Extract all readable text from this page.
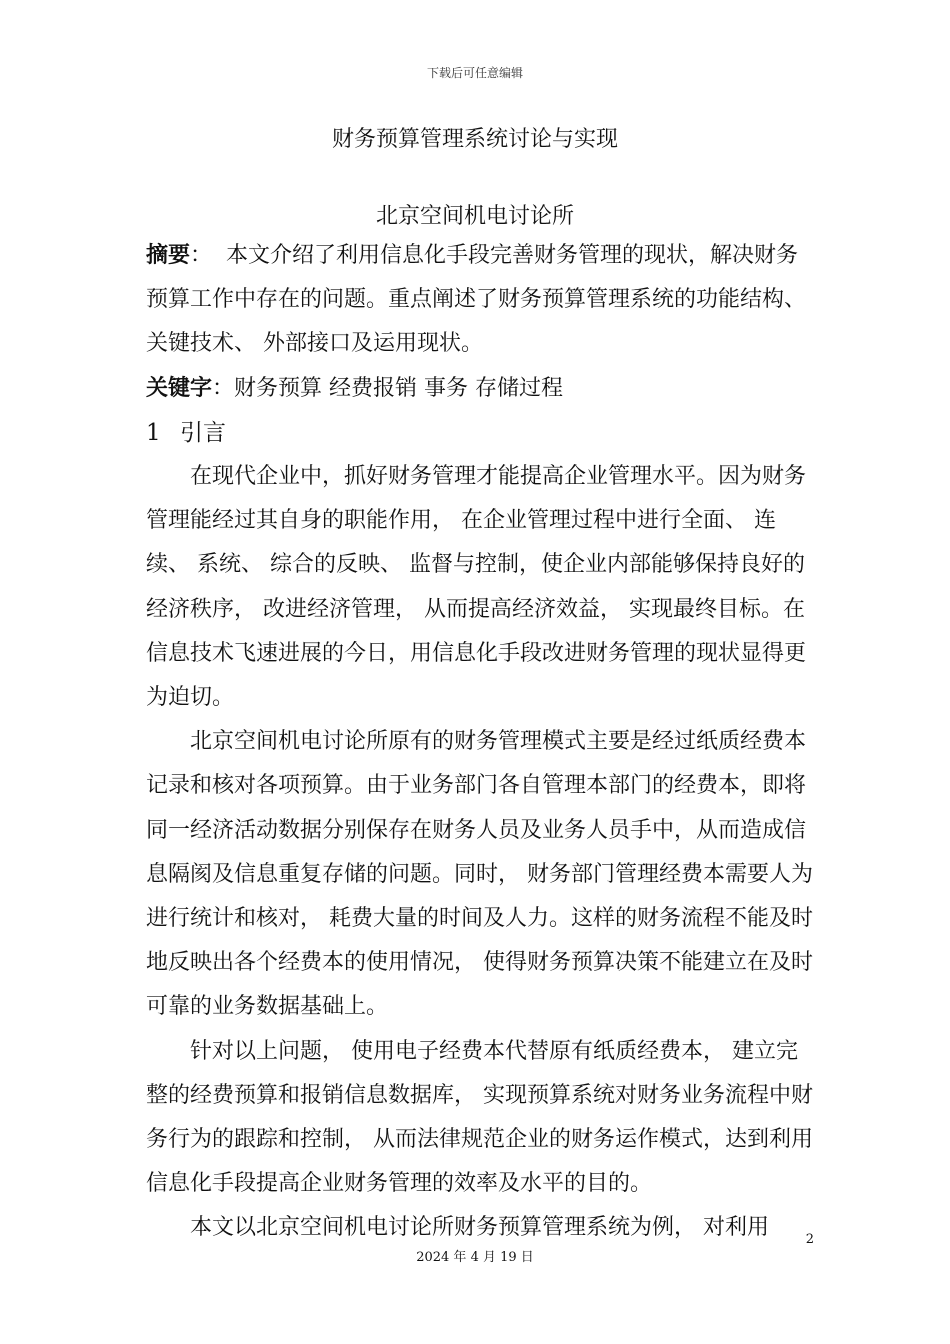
下载后可任意编辑
财务预算管理系统讨论与实现
北京空间机电讨论所

摘要： 本文介绍了利用信息化手段完善财务管理的现状，解决财务预算工作中存在的问题。重点阐述了财务预算管理系统的功能结构、 关键技术、 外部接口及运用现状。

关键字：财务预算 经费报销 事务 存储过程

1 引言

在现代企业中，抓好财务管理才能提高企业管理水平。因为财务管理能经过其自身的职能作用， 在企业管理过程中进行全面、 连续、 系统、 综合的反映、 监督与控制，使企业内部能够保持良好的经济秩序， 改进经济管理， 从而提高经济效益， 实现最终目标。在信息技术飞速进展的今日，用信息化手段改进财务管理的现状显得更为迫切。

北京空间机电讨论所原有的财务管理模式主要是经过纸质经费本记录和核对各项预算。由于业务部门各自管理本部门的经费本，即将同一经济活动数据分别保存在财务人员及业务人员手中，从而造成信息隔阂及信息重复存储的问题。同时， 财务部门管理经费本需要人为进行统计和核对， 耗费大量的时间及人力。这样的财务流程不能及时地反映出各个经费本的使用情况， 使得财务预算决策不能建立在及时可靠的业务数据基础上。

针对以上问题， 使用电子经费本代替原有纸质经费本， 建立完整的经费预算和报销信息数据库， 实现预算系统对财务业务流程中财务行为的跟踪和控制， 从而法律规范企业的财务运作模式，达到利用信息化手段提高企业财务管理的效率及水平的目的。

本文以北京空间机电讨论所财务预算管理系统为例， 对利用	2
2024 年 4 月 19 日
